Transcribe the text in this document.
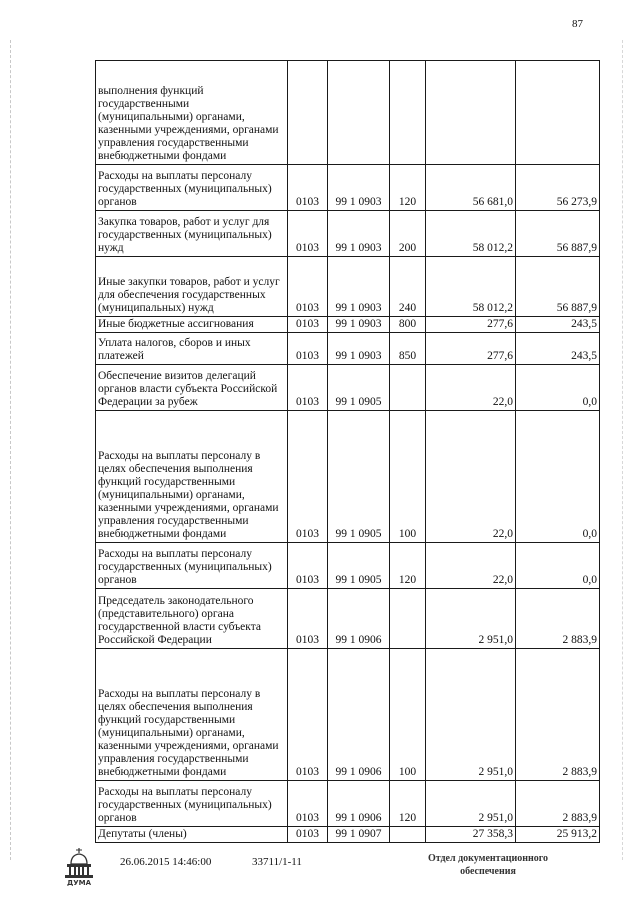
87
выполнения функций государственными (муниципальными) органами, казенными учреждениями, органами управления государственными внебюджетными фондами					
Расходы на выплаты персоналу государственных (муниципальных) органов	0103	99 1 0903	120	56 681,0	56 273,9
Закупка товаров, работ и услуг для государственных (муниципальных) нужд	0103	99 1 0903	200	58 012,2	56 887,9
Иные закупки товаров, работ и услуг для обеспечения государственных (муниципальных) нужд	0103	99 1 0903	240	58 012,2	56 887,9
Иные бюджетные ассигнования	0103	99 1 0903	800	277,6	243,5
Уплата налогов, сборов и иных платежей	0103	99 1 0903	850	277,6	243,5
Обеспечение визитов делегаций органов власти субъекта Российской Федерации за рубеж	0103	99 1 0905		22,0	0,0
Расходы на выплаты персоналу в целях обеспечения выполнения функций государственными (муниципальными) органами, казенными учреждениями, органами управления государственными внебюджетными фондами	0103	99 1 0905	100	22,0	0,0
Расходы на выплаты персоналу государственных (муниципальных) органов	0103	99 1 0905	120	22,0	0,0
Председатель законодательного (представительного) органа государственной власти субъекта Российской Федерации	0103	99 1 0906		2 951,0	2 883,9
Расходы на выплаты персоналу в целях обеспечения выполнения функций государственными (муниципальными) органами, казенными учреждениями, органами управления государственными внебюджетными фондами	0103	99 1 0906	100	2 951,0	2 883,9
Расходы на выплаты персоналу государственных (муниципальных) органов	0103	99 1 0906	120	2 951,0	2 883,9
Депутаты (члены)	0103	99 1 0907		27 358,3	25 913,2
ДУМА
26.06.2015 14:46:00	33711/1-11	Отдел документационного
обеспечения
